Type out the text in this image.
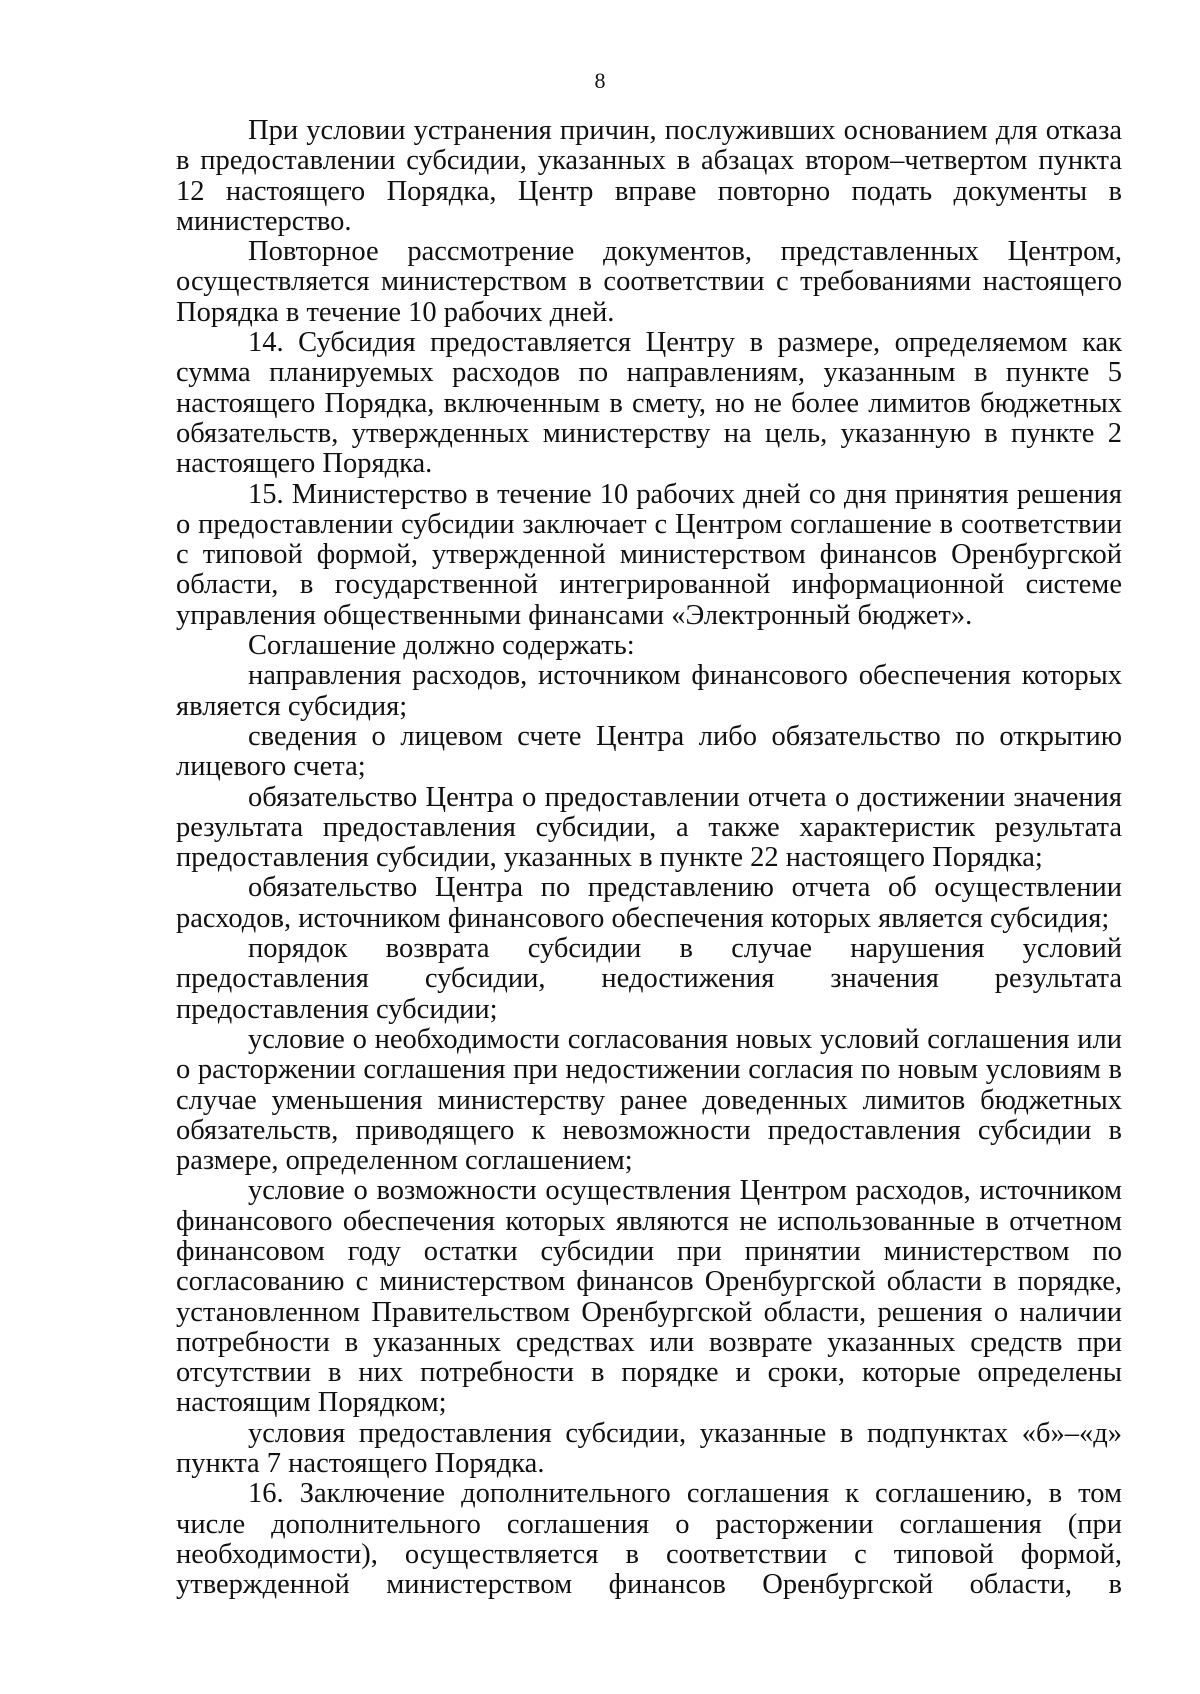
8

При условии устранения причин, послуживших основанием для отказа в предоставлении субсидии, указанных в абзацах втором–четвертом пункта 12 настоящего Порядка, Центр вправе повторно подать документы в министерство.

Повторное рассмотрение документов, представленных Центром, осуществляется министерством в соответствии с требованиями настоящего Порядка в течение 10 рабочих дней.

14. Субсидия предоставляется Центру в размере, определяемом как сумма планируемых расходов по направлениям, указанным в пункте 5 настоящего Порядка, включенным в смету, но не более лимитов бюджетных обязательств, утвержденных министерству на цель, указанную в пункте 2 настоящего Порядка.

15. Министерство в течение 10 рабочих дней со дня принятия решения о предоставлении субсидии заключает с Центром соглашение в соответствии с типовой формой, утвержденной министерством финансов Оренбургской области, в государственной интегрированной информационной системе управления общественными финансами «Электронный бюджет».

Соглашение должно содержать:

направления расходов, источником финансового обеспечения которых является субсидия;

сведения о лицевом счете Центра либо обязательство по открытию лицевого счета;

обязательство Центра о предоставлении отчета о достижении значения результата предоставления субсидии, а также характеристик результата предоставления субсидии, указанных в пункте 22 настоящего Порядка;

обязательство Центра по представлению отчета об осуществлении расходов, источником финансового обеспечения которых является субсидия;

порядок возврата субсидии в случае нарушения условий предоставления субсидии, недостижения значения результата предоставления субсидии;

условие о необходимости согласования новых условий соглашения или о расторжении соглашения при недостижении согласия по новым условиям в случае уменьшения министерству ранее доведенных лимитов бюджетных обязательств, приводящего к невозможности предоставления субсидии в размере, определенном соглашением;

условие о возможности осуществления Центром расходов, источником финансового обеспечения которых являются не использованные в отчетном финансовом году остатки субсидии при принятии министерством по согласованию с министерством финансов Оренбургской области в порядке, установленном Правительством Оренбургской области, решения о наличии потребности в указанных средствах или возврате указанных средств при отсутствии в них потребности в порядке и сроки, которые определены настоящим Порядком;

условия предоставления субсидии, указанные в подпунктах «б»–«д» пункта 7 настоящего Порядка.

16. Заключение дополнительного соглашения к соглашению, в том числе дополнительного соглашения о расторжении соглашения (при необходимости), осуществляется в соответствии с типовой формой, утвержденной министерством финансов Оренбургской области, в
